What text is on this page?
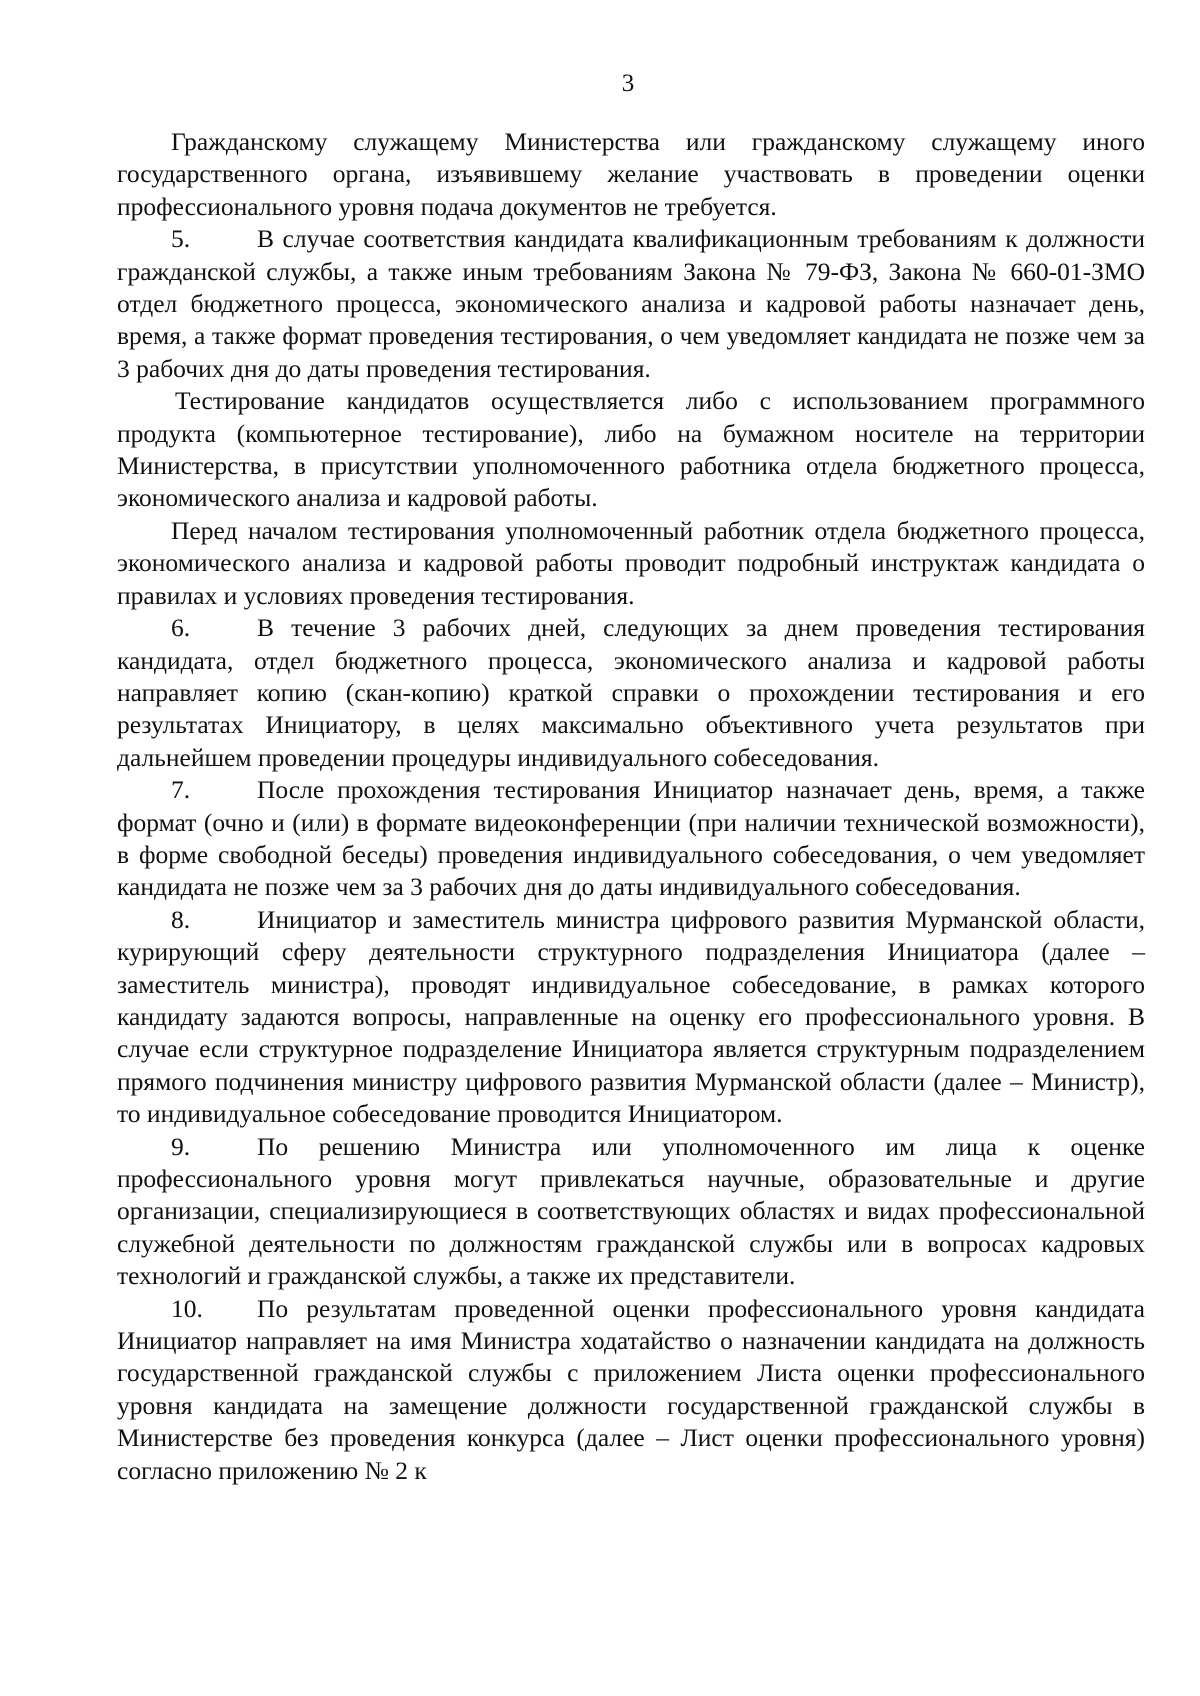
3

Гражданскому служащему Министерства или гражданскому служащему иного государственного органа, изъявившему желание участвовать в проведении оценки профессионального уровня подача документов не требуется.

5.	В случае соответствия кандидата квалификационным требованиям к должности гражданской службы, а также иным требованиям Закона № 79-ФЗ, Закона № 660-01-ЗМО отдел бюджетного процесса, экономического анализа и кадровой работы назначает день, время, а также формат проведения тестирования, о чем уведомляет кандидата не позже чем за 3 рабочих дня до даты проведения тестирования.

Тестирование кандидатов осуществляется либо с использованием программного продукта (компьютерное тестирование), либо на бумажном носителе на территории Министерства, в присутствии уполномоченного работника отдела бюджетного процесса, экономического анализа и кадровой работы.

Перед началом тестирования уполномоченный работник отдела бюджетного процесса, экономического анализа и кадровой работы проводит подробный инструктаж кандидата о правилах и условиях проведения тестирования.

6.	В течение 3 рабочих дней, следующих за днем проведения тестирования кандидата, отдел бюджетного процесса, экономического анализа и кадровой работы направляет копию (скан-копию) краткой справки о прохождении тестирования и его результатах Инициатору, в целях максимально объективного учета результатов при дальнейшем проведении процедуры индивидуального собеседования.

7.	После прохождения тестирования Инициатор назначает день, время, а также формат (очно и (или) в формате видеоконференции (при наличии технической возможности), в форме свободной беседы) проведения индивидуального собеседования, о чем уведомляет кандидата не позже чем за 3 рабочих дня до даты индивидуального собеседования.

8.	Инициатор и заместитель министра цифрового развития Мурманской области, курирующий сферу деятельности структурного подразделения Инициатора (далее – заместитель министра), проводят индивидуальное собеседование, в рамках которого кандидату задаются вопросы, направленные на оценку его профессионального уровня. В случае если структурное подразделение Инициатора является структурным подразделением прямого подчинения министру цифрового развития Мурманской области (далее – Министр), то индивидуальное собеседование проводится Инициатором.

9.	По решению Министра или уполномоченного им лица к оценке профессионального уровня могут привлекаться научные, образовательные и другие организации, специализирующиеся в соответствующих областях и видах профессиональной служебной деятельности по должностям гражданской службы или в вопросах кадровых технологий и гражданской службы, а также их представители.

10. По результатам проведенной оценки профессионального уровня кандидата Инициатор направляет на имя Министра ходатайство о назначении кандидата на должность государственной гражданской службы с приложением Листа оценки профессионального уровня кандидата на замещение должности государственной гражданской службы в Министерстве без проведения конкурса (далее – Лист оценки профессионального уровня) согласно приложению № 2 к
